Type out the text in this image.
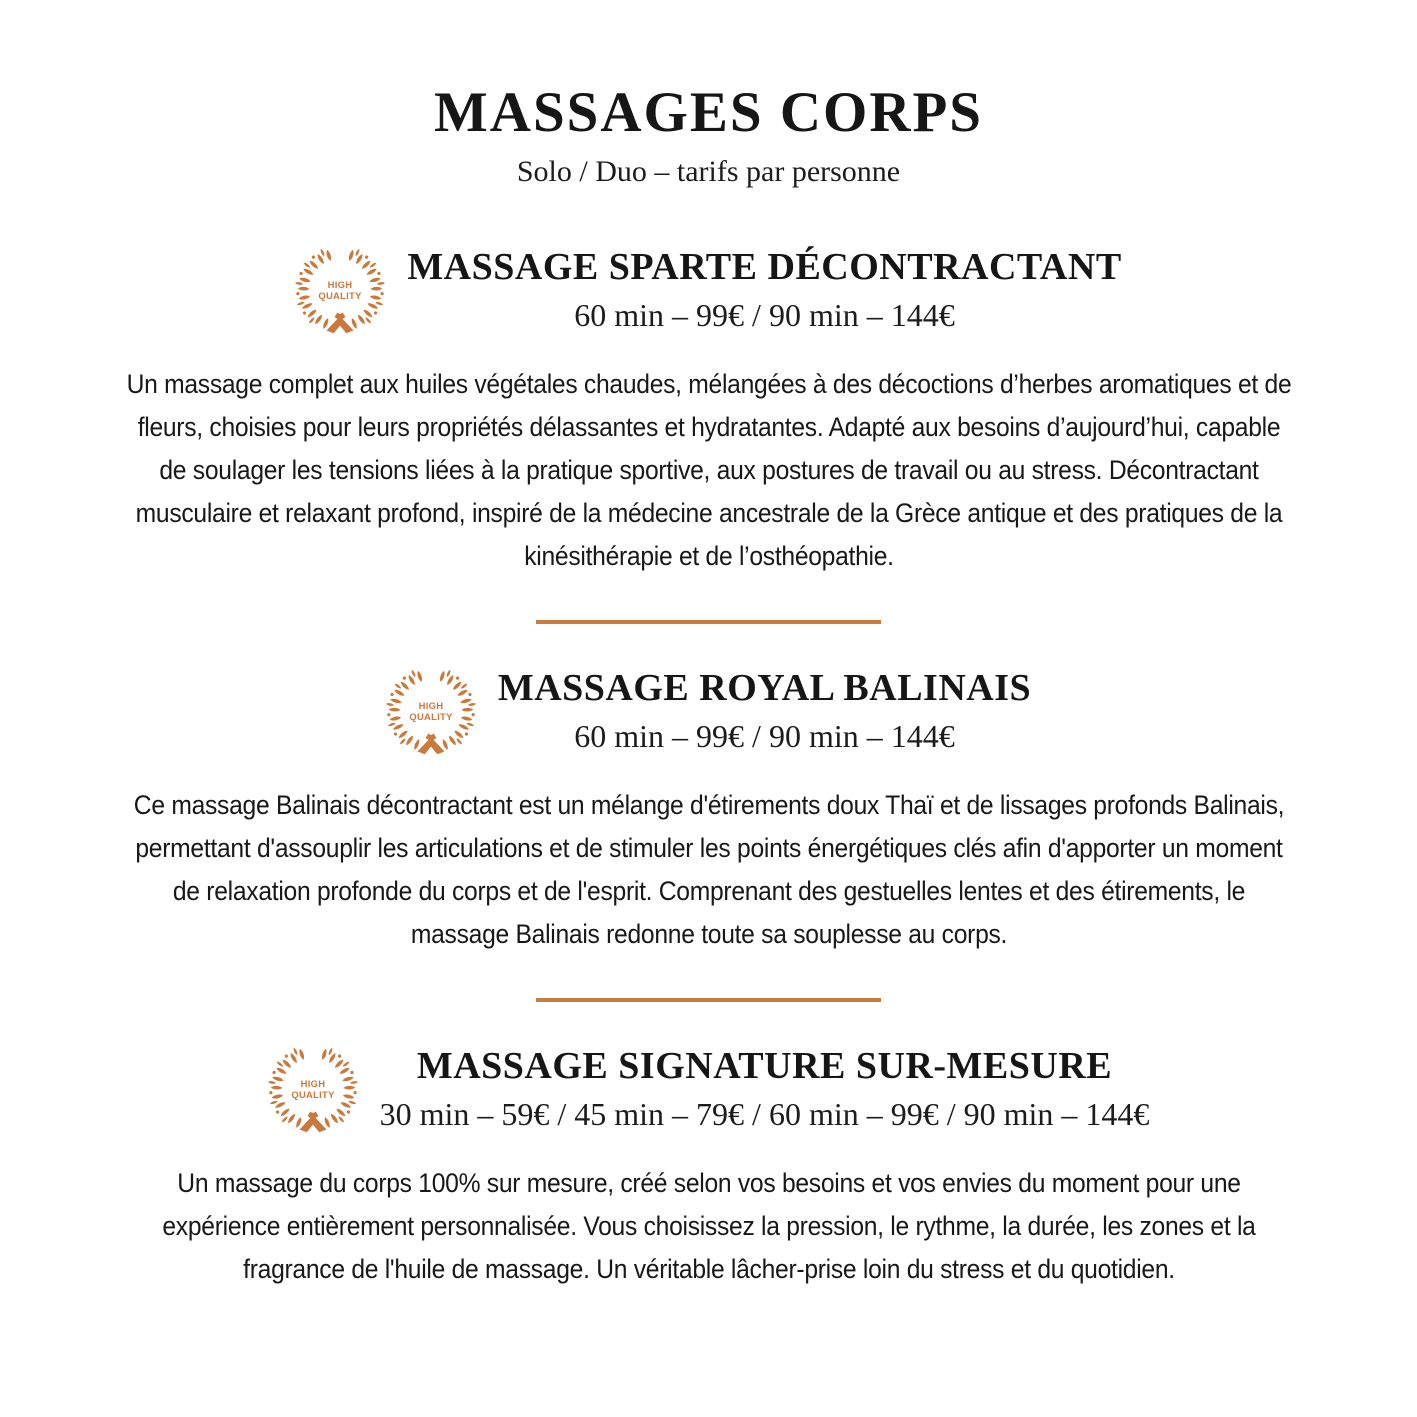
MASSAGES CORPS

Solo / Duo – tarifs par personne

MASSAGE SPARTE DÉCONTRACTANT
60 min – 99€ / 90 min – 144€

Un massage complet aux huiles végétales chaudes, mélangées à des décoctions d’herbes aromatiques et de fleurs, choisies pour leurs propriétés délassantes et hydratantes. Adapté aux besoins d’aujourd’hui, capable de soulager les tensions liées à la pratique sportive, aux postures de travail ou au stress. Décontractant musculaire et relaxant profond, inspiré de la médecine ancestrale de la Grèce antique et des pratiques de la kinésithérapie et de l’osthéopathie.

MASSAGE ROYAL BALINAIS
60 min – 99€ / 90 min – 144€

Ce massage Balinais décontractant est un mélange d'étirements doux Thaï et de lissages profonds Balinais, permettant d'assouplir les articulations et de stimuler les points énergétiques clés afin d'apporter un moment de relaxation profonde du corps et de l'esprit. Comprenant des gestuelles lentes et des étirements, le massage Balinais redonne toute sa souplesse au corps.

MASSAGE SIGNATURE SUR-MESURE
30 min – 59€ / 45 min – 79€ / 60 min – 99€ / 90 min – 144€

Un massage du corps 100% sur mesure, créé selon vos besoins et vos envies du moment pour une expérience entièrement personnalisée. Vous choisissez la pression, le rythme, la durée, les zones et la fragrance de l'huile de massage. Un véritable lâcher-prise loin du stress et du quotidien.
